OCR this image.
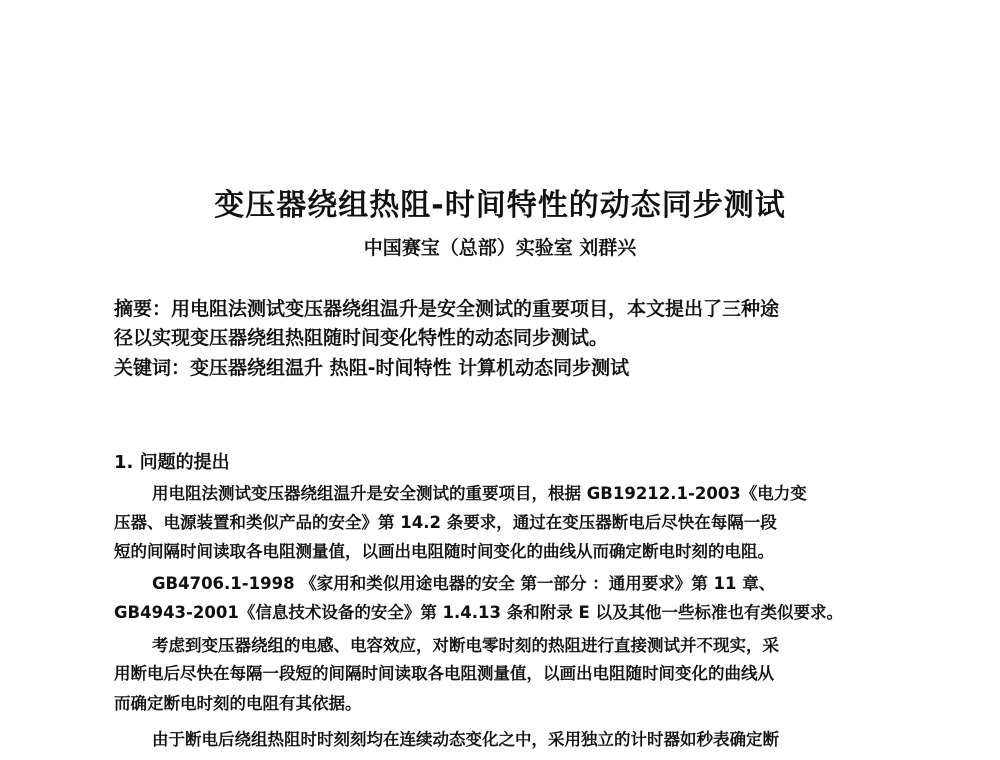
变压器绕组热阻-时间特性的动态同步测试
中国赛宝（总部）实验室 刘群兴
摘要：用电阻法测试变压器绕组温升是安全测试的重要项目，本文提出了三种途
径以实现变压器绕组热阻随时间变化特性的动态同步测试。
关键词：变压器绕组温升 热阻-时间特性 计算机动态同步测试
1. 问题的提出
用电阻法测试变压器绕组温升是安全测试的重要项目，根据 GB19212.1-2003《电力变
压器、电源装置和类似产品的安全》第 14.2 条要求，通过在变压器断电后尽快在每隔一段
短的间隔时间读取各电阻测量值，以画出电阻随时间变化的曲线从而确定断电时刻的电阻。
GB4706.1-1998 《家用和类似用途电器的安全 第一部分 ：通用要求》第 11 章、
GB4943-2001《信息技术设备的安全》第 1.4.13 条和附录 E 以及其他一些标准也有类似要求。
考虑到变压器绕组的电感、电容效应，对断电零时刻的热阻进行直接测试并不现实，采
用断电后尽快在每隔一段短的间隔时间读取各电阻测量值，以画出电阻随时间变化的曲线从
而确定断电时刻的电阻有其依据。
由于断电后绕组热阻时时刻刻均在连续动态变化之中，采用独立的计时器如秒表确定断
